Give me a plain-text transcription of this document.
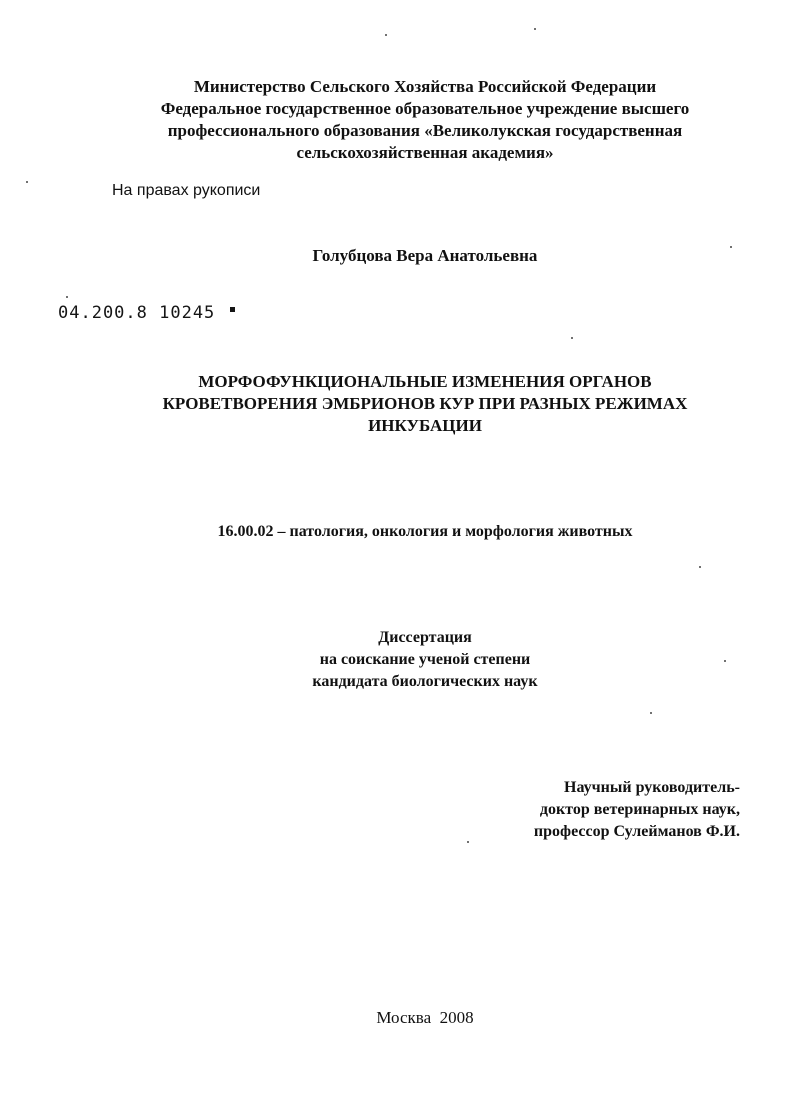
Министерство Сельского Хозяйства Российской Федерации
Федеральное государственное образовательное учреждение высшего
профессионального образования «Великолукская государственная
сельскохозяйственная академия»
На правах рукописи
Голубцова Вера Анатольевна
04.200.8 10245
МОРФОФУНКЦИОНАЛЬНЫЕ ИЗМЕНЕНИЯ ОРГАНОВ
КРОВЕТВОРЕНИЯ ЭМБРИОНОВ КУР ПРИ РАЗНЫХ РЕЖИМАХ
ИНКУБАЦИИ
16.00.02 – патология, онкология и морфология животных
Диссертация
на соискание ученой степени
кандидата биологических наук
Научный руководитель-
доктор ветеринарных наук,
профессор Сулейманов Ф.И.
Москва 2008
